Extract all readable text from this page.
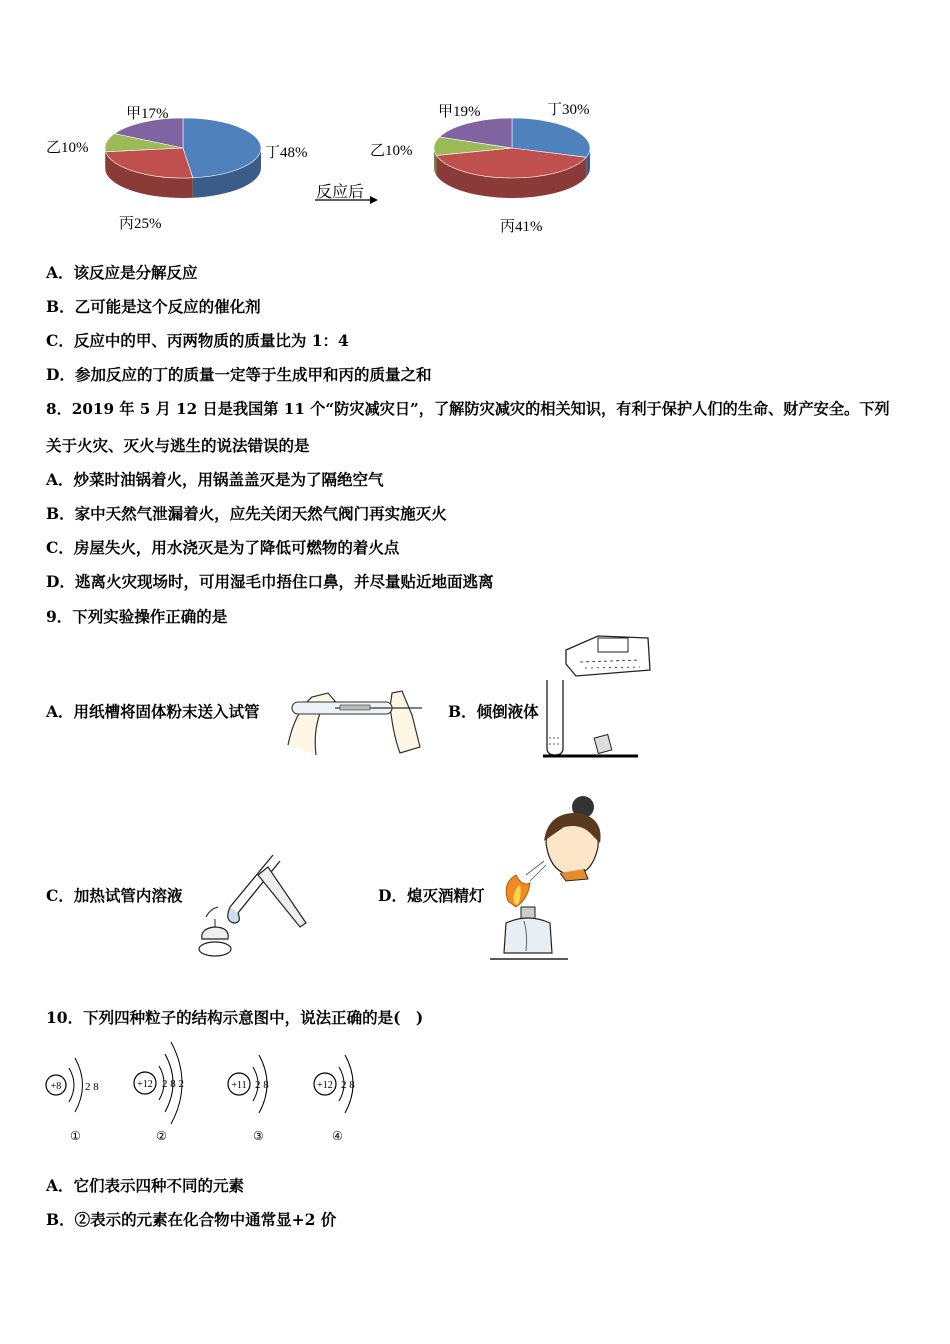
甲17%
乙10%
丙25%
丁48%
反应后
甲19%
乙10%
丙41%
丁30%
A．该反应是分解反应
B．乙可能是这个反应的催化剂
C．反应中的甲、丙两物质的质量比为 1：4
D．参加反应的丁的质量一定等于生成甲和丙的质量之和
8．2019 年 5 月 12 日是我国第 11 个“防灾减灾日”，了解防灾减灾的相关知识，有利于保护人们的生命、财产安全。下列
关于火灾、灭火与逃生的说法错误的是
A．炒菜时油锅着火，用锅盖盖灭是为了隔绝空气
B．家中天然气泄漏着火，应先关闭天然气阀门再实施灭火
C．房屋失火，用水浇灭是为了降低可燃物的着火点
D．逃离火灾现场时，可用湿毛巾捂住口鼻，并尽量贴近地面逃离
9．下列实验操作正确的是
A．用纸槽将固体粉末送入试管	B．倾倒液体
C．加热试管内溶液	D．熄灭酒精灯
10．下列四种粒子的结构示意图中，说法正确的是(　)
+8 2 8
①
+12 2 8 2
②
+11 2 8
③
+12 2 8
④
A．它们表示四种不同的元素
B．②表示的元素在化合物中通常显+2 价
